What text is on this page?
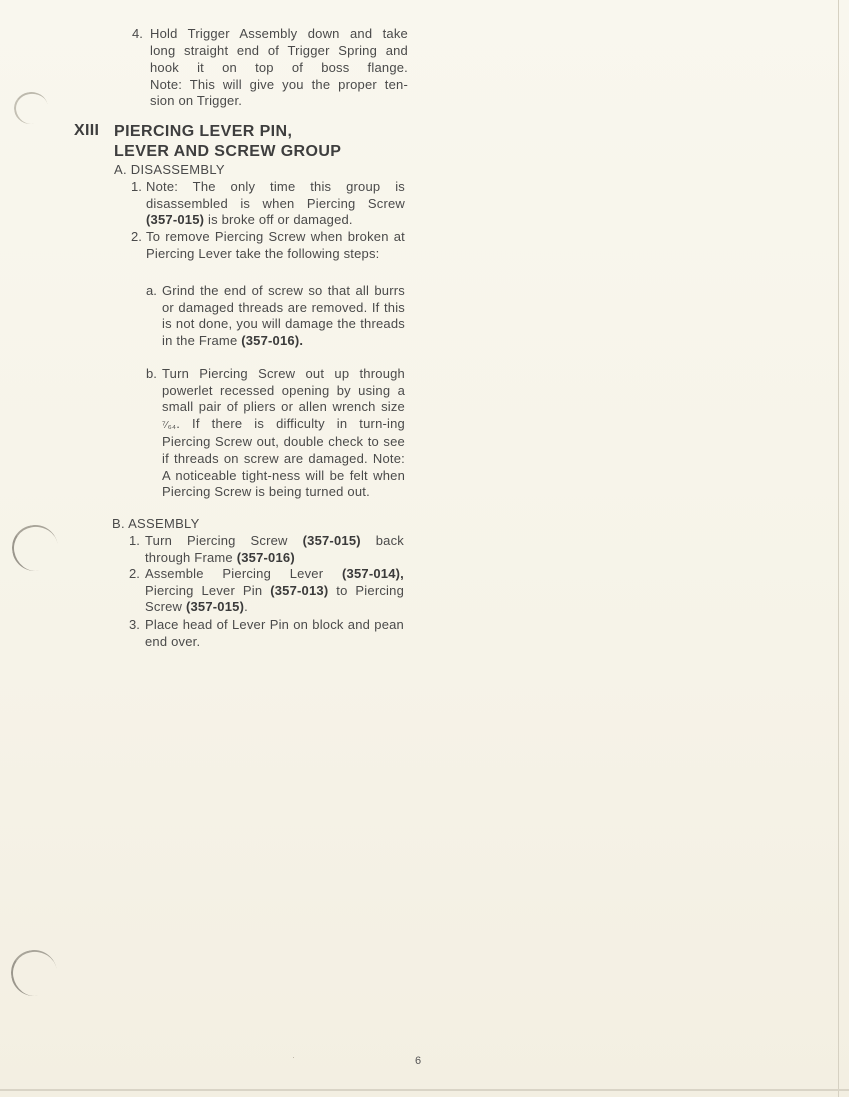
4. Hold Trigger Assembly down and take

long straight end of Trigger Spring and

hook it on top of boss flange.

Note: This will give you the proper ten-

sion on Trigger.

XIII PIERCING LEVER PIN,
LEVER AND SCREW GROUP
A. DISASSEMBLY
1. Note: The only time this group is disassembled is when Piercing Screw (357-015) is broke off or damaged.

2. To remove Piercing Screw when broken at Piercing Lever take the following steps:

a. Grind the end of screw so that all burrs or damaged threads are removed. If this is not done, you will damage the threads in the Frame (357-016).

b. Turn Piercing Screw out up through powerlet recessed opening by using a small pair of pliers or allen wrench size ⁷⁄₆₄. If there is difficulty in turn-ing Piercing Screw out, double check to see if threads on screw are damaged. Note: A noticeable tight-ness will be felt when Piercing Screw is being turned out.

B. ASSEMBLY
1. Turn Piercing Screw (357-015) back through Frame (357-016)

2. Assemble Piercing Lever (357-014), Piercing Lever Pin (357-013) to Piercing Screw (357-015).

3. Place head of Lever Pin on block and pean end over.

·	6
